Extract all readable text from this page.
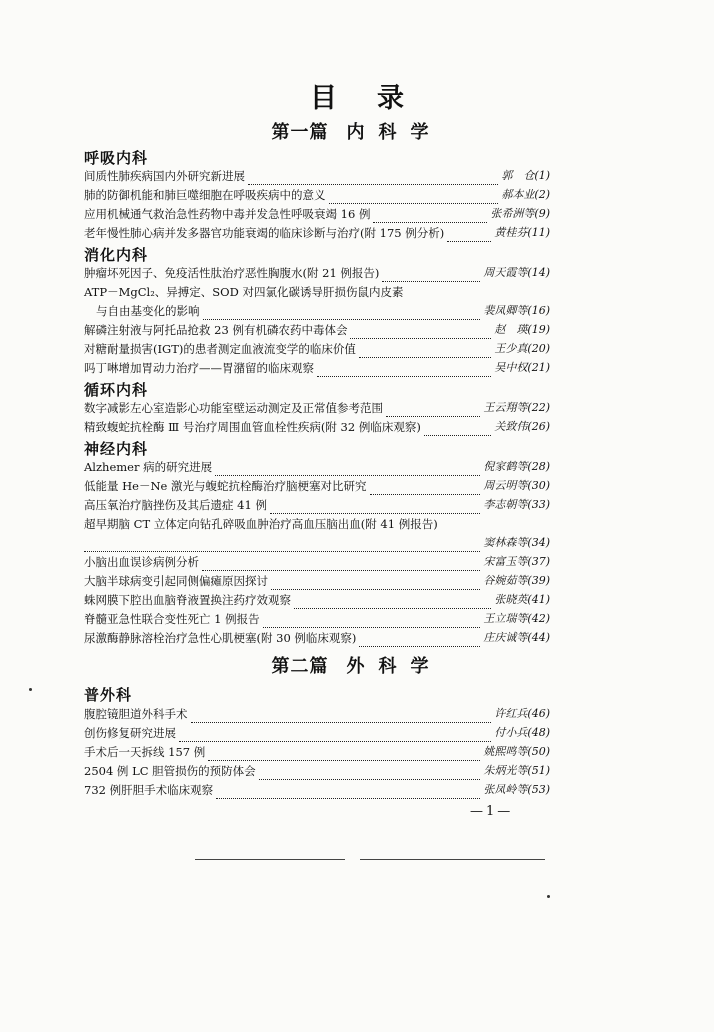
目录
第一篇 内科学
呼吸内科
间质性肺疾病国内外研究新进展	郭　仓(1)
肺的防御机能和肺巨噬细胞在呼吸疾病中的意义	郝本业(2)
应用机械通气救治急性药物中毒并发急性呼吸衰竭 16 例	张希洲等(9)
老年慢性肺心病并发多器官功能衰竭的临床诊断与治疗(附 175 例分析)	黄桂芬(11)
消化内科
肿瘤坏死因子、免疫活性肽治疗恶性胸腹水(附 21 例报告)	周天霞等(14)
ATP－MgCl₂、异搏定、SOD 对四氯化碳诱导肝损伤鼠内皮素
与自由基变化的影响	裴凤卿等(16)
解磷注射液与阿托品抢救 23 例有机磷农药中毒体会	赵　瑛(19)
对糖耐量损害(IGT)的患者测定血液流变学的临床价值	王少真(20)
吗丁啉增加胃动力治疗——胃潴留的临床观察	吴中权(21)
循环内科
数字减影左心室造影心功能室壁运动测定及正常值参考范围	王云翔等(22)
精致蝮蛇抗栓酶 Ⅲ 号治疗周围血管血栓性疾病(附 32 例临床观察)	关致伟(26)
神经内科
Alzhemer 病的研究进展	倪家鹤等(28)
低能量 He－Ne 激光与蝮蛇抗栓酶治疗脑梗塞对比研究	周云明等(30)
高压氧治疗脑挫伤及其后遗症 41 例	李志朝等(33)
超早期脑 CT 立体定向钻孔碎吸血肿治疗高血压脑出血(附 41 例报告)
窦林森等(34)
小脑出血误诊病例分析	宋富玉等(37)
大脑半球病变引起同侧偏瘫原因探讨	谷婉茹等(39)
蛛网膜下腔出血脑脊液置换注药疗效观察	张晓英(41)
脊髓亚急性联合变性死亡 1 例报告	王立瑞等(42)
尿激酶静脉溶栓治疗急性心肌梗塞(附 30 例临床观察)	庄庆诚等(44)
第二篇 外科学
普外科
腹腔镜胆道外科手术	许红兵(46)
创伤修复研究进展	付小兵(48)
手术后一天拆线 157 例	姚熙鸣等(50)
2504 例 LC 胆管损伤的预防体会	朱炳光等(51)
732 例肝胆手术临床观察	张凤岭等(53)
—1—
